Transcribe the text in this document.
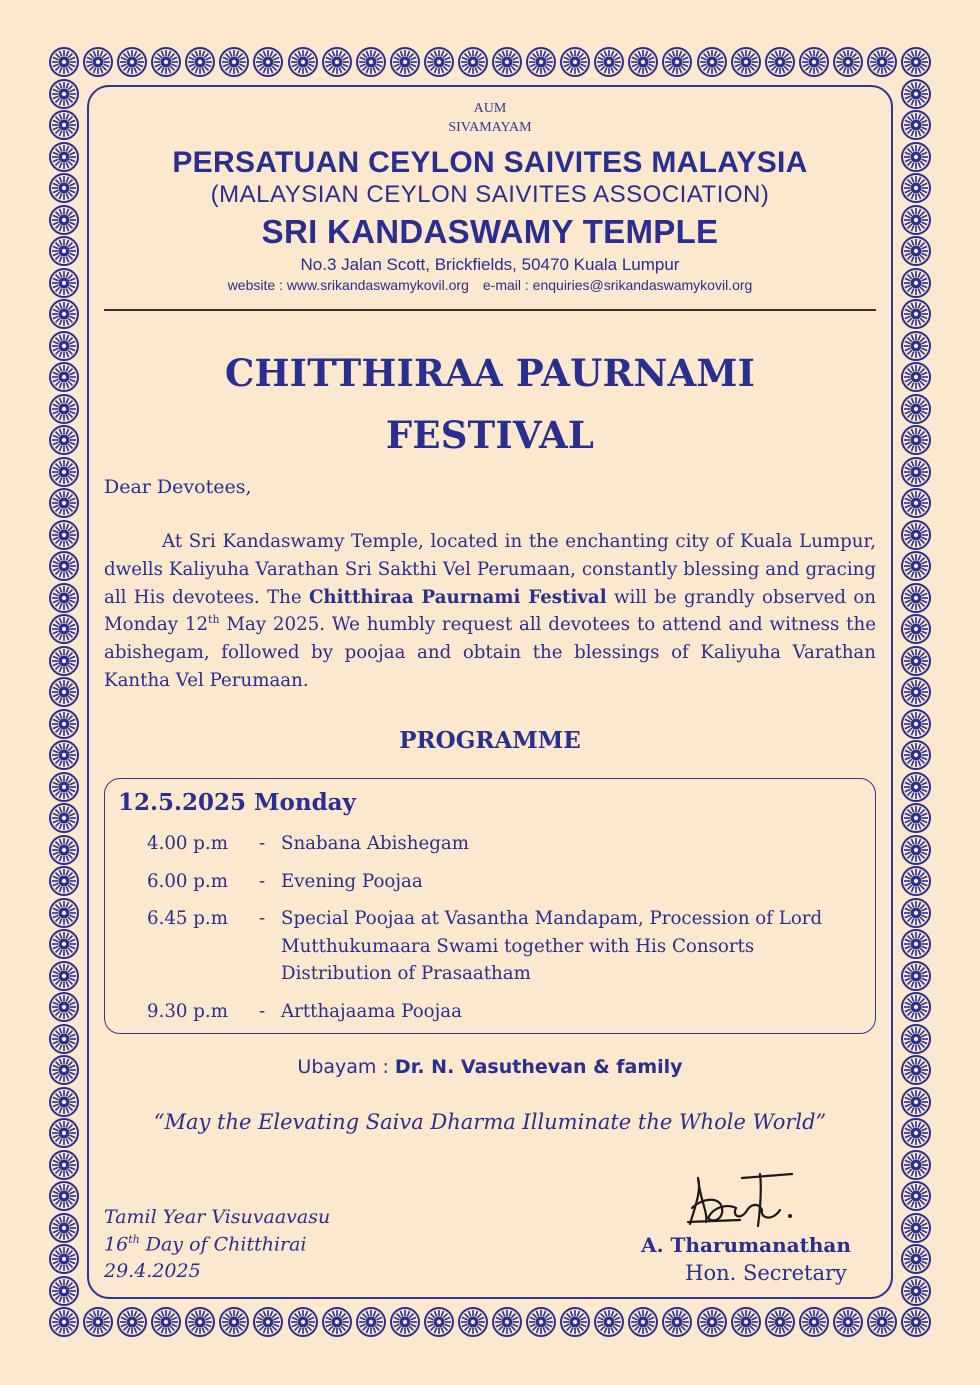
AUM
SIVAMAYAM
PERSATUAN CEYLON SAIVITES MALAYSIA
(MALAYSIAN CEYLON SAIVITES ASSOCIATION)
SRI KANDASWAMY TEMPLE
No.3 Jalan Scott, Brickfields, 50470 Kuala Lumpur
website : www.srikandaswamykovil.org e-mail : enquiries@srikandaswamykovil.org
CHITTHIRAA PAURNAMI
FESTIVAL
Dear Devotees,

At Sri Kandaswamy Temple, located in the enchanting city of Kuala Lumpur, dwells Kaliyuha Varathan Sri Sakthi Vel Perumaan, constantly blessing and gracing all His devotees. The Chitthiraa Paurnami Festival will be grandly observed on Monday 12th May 2025. We humbly request all devotees to attend and witness the abishegam, followed by poojaa and obtain the blessings of Kaliyuha Varathan Kantha Vel Perumaan.

PROGRAMME
12.5.2025 Monday
4.00 p.m - Snabana Abishegam
6.00 p.m - Evening Poojaa
6.45 p.m - Special Poojaa at Vasantha Mandapam, Procession of Lord
Mutthukumaara Swami together with His Consorts
Distribution of Prasaatham
9.30 p.m - Artthajaama Poojaa
Ubayam : Dr. N. Vasuthevan & family
“May the Elevating Saiva Dharma Illuminate the Whole World”
Tamil Year Visuvaavasu
16th Day of Chitthirai
29.4.2025
A. Tharumanathan
Hon. Secretary
